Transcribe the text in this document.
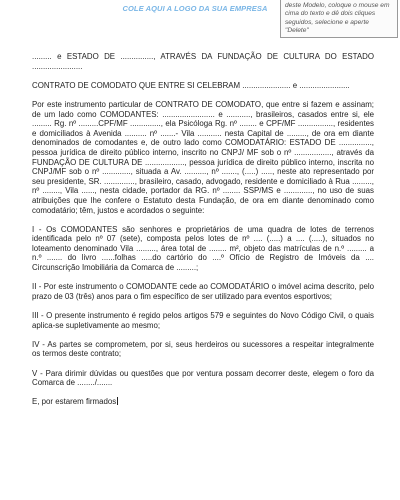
COLE AQUI A LOGO DA SUA EMPRESA	deste Modelo, coloque o mouse em cima do texto e dê dois cliques seguidos, selecione e aperte "Delete"

......... e ESTADO DE ..............., ATRAVÉS DA FUNDAÇÃO DE CULTURA DO ESTADO .......................

CONTRATO DE COMODATO QUE ENTRE SI CELEBRAM ...................... e .......................

Por este instrumento particular de CONTRATO DE COMODATO, que entre si fazem e assinam; de um lado como COMODANTES: ........................ e ..........., brasileiros, casados entre si, ele ......... Rg. nº .........CPF/MF .............., ela Psicóloga Rg. nº ........ e CPF/MF ................, residentes e domiciliados à Avenida .......... nº .......- Vila ........... nesta Capital de ........., de ora em diante denominados de comodantes e, de outro lado como COMODATÁRIO: ESTADO DE ..............., pessoa jurídica de direito público interno, inscrito no CNPJ/ MF sob o nº ................., através da FUNDAÇÃO DE CULTURA DE .................., pessoa jurídica de direito público interno, inscrita no CNPJ/MF sob o nº ............., situada a Av. .........., nº ......., (.....) ....., neste ato representado por seu presidente, SR. .............., brasileiro, casado, advogado, residente e domiciliado à Rua ........., nº ........, Vila ......, nesta cidade, portador da RG. nº ........ SSP/MS e ............., no uso de suas atribuições que lhe confere o Estatuto desta Fundação, de ora em diante denominado como comodatário; têm, justos e acordados o seguinte:

I - Os COMODANTES são senhores e proprietários de uma quadra de lotes de terrenos identificada pelo nº 07 (sete), composta pelos lotes de nº .... (.....) a .... (.....), situados no loteamento denominado Vila ........., área total de ........ m², objeto das matrículas de n.º ......... a n.º ....... do livro ......folhas .....do cartório do ....º Ofício de Registro de Imóveis da .... Circunscrição Imobiliária da Comarca de .........;

II - Por este instrumento o COMODANTE cede ao COMODATÁRIO o imóvel acima descrito, pelo prazo de 03 (três) anos para o fim específico de ser utilizado para eventos esportivos;

III - O presente instrumento é regido pelos artigos 579 e seguintes do Novo Código Civil, o quais aplica-se supletivamente ao mesmo;

IV - As partes se comprometem, por si, seus herdeiros ou sucessores a respeitar integralmente os termos deste contrato;

V - Para dirimir dúvidas ou questões que por ventura possam decorrer deste, elegem o foro da Comarca de ......../.......

E, por estarem firmados
